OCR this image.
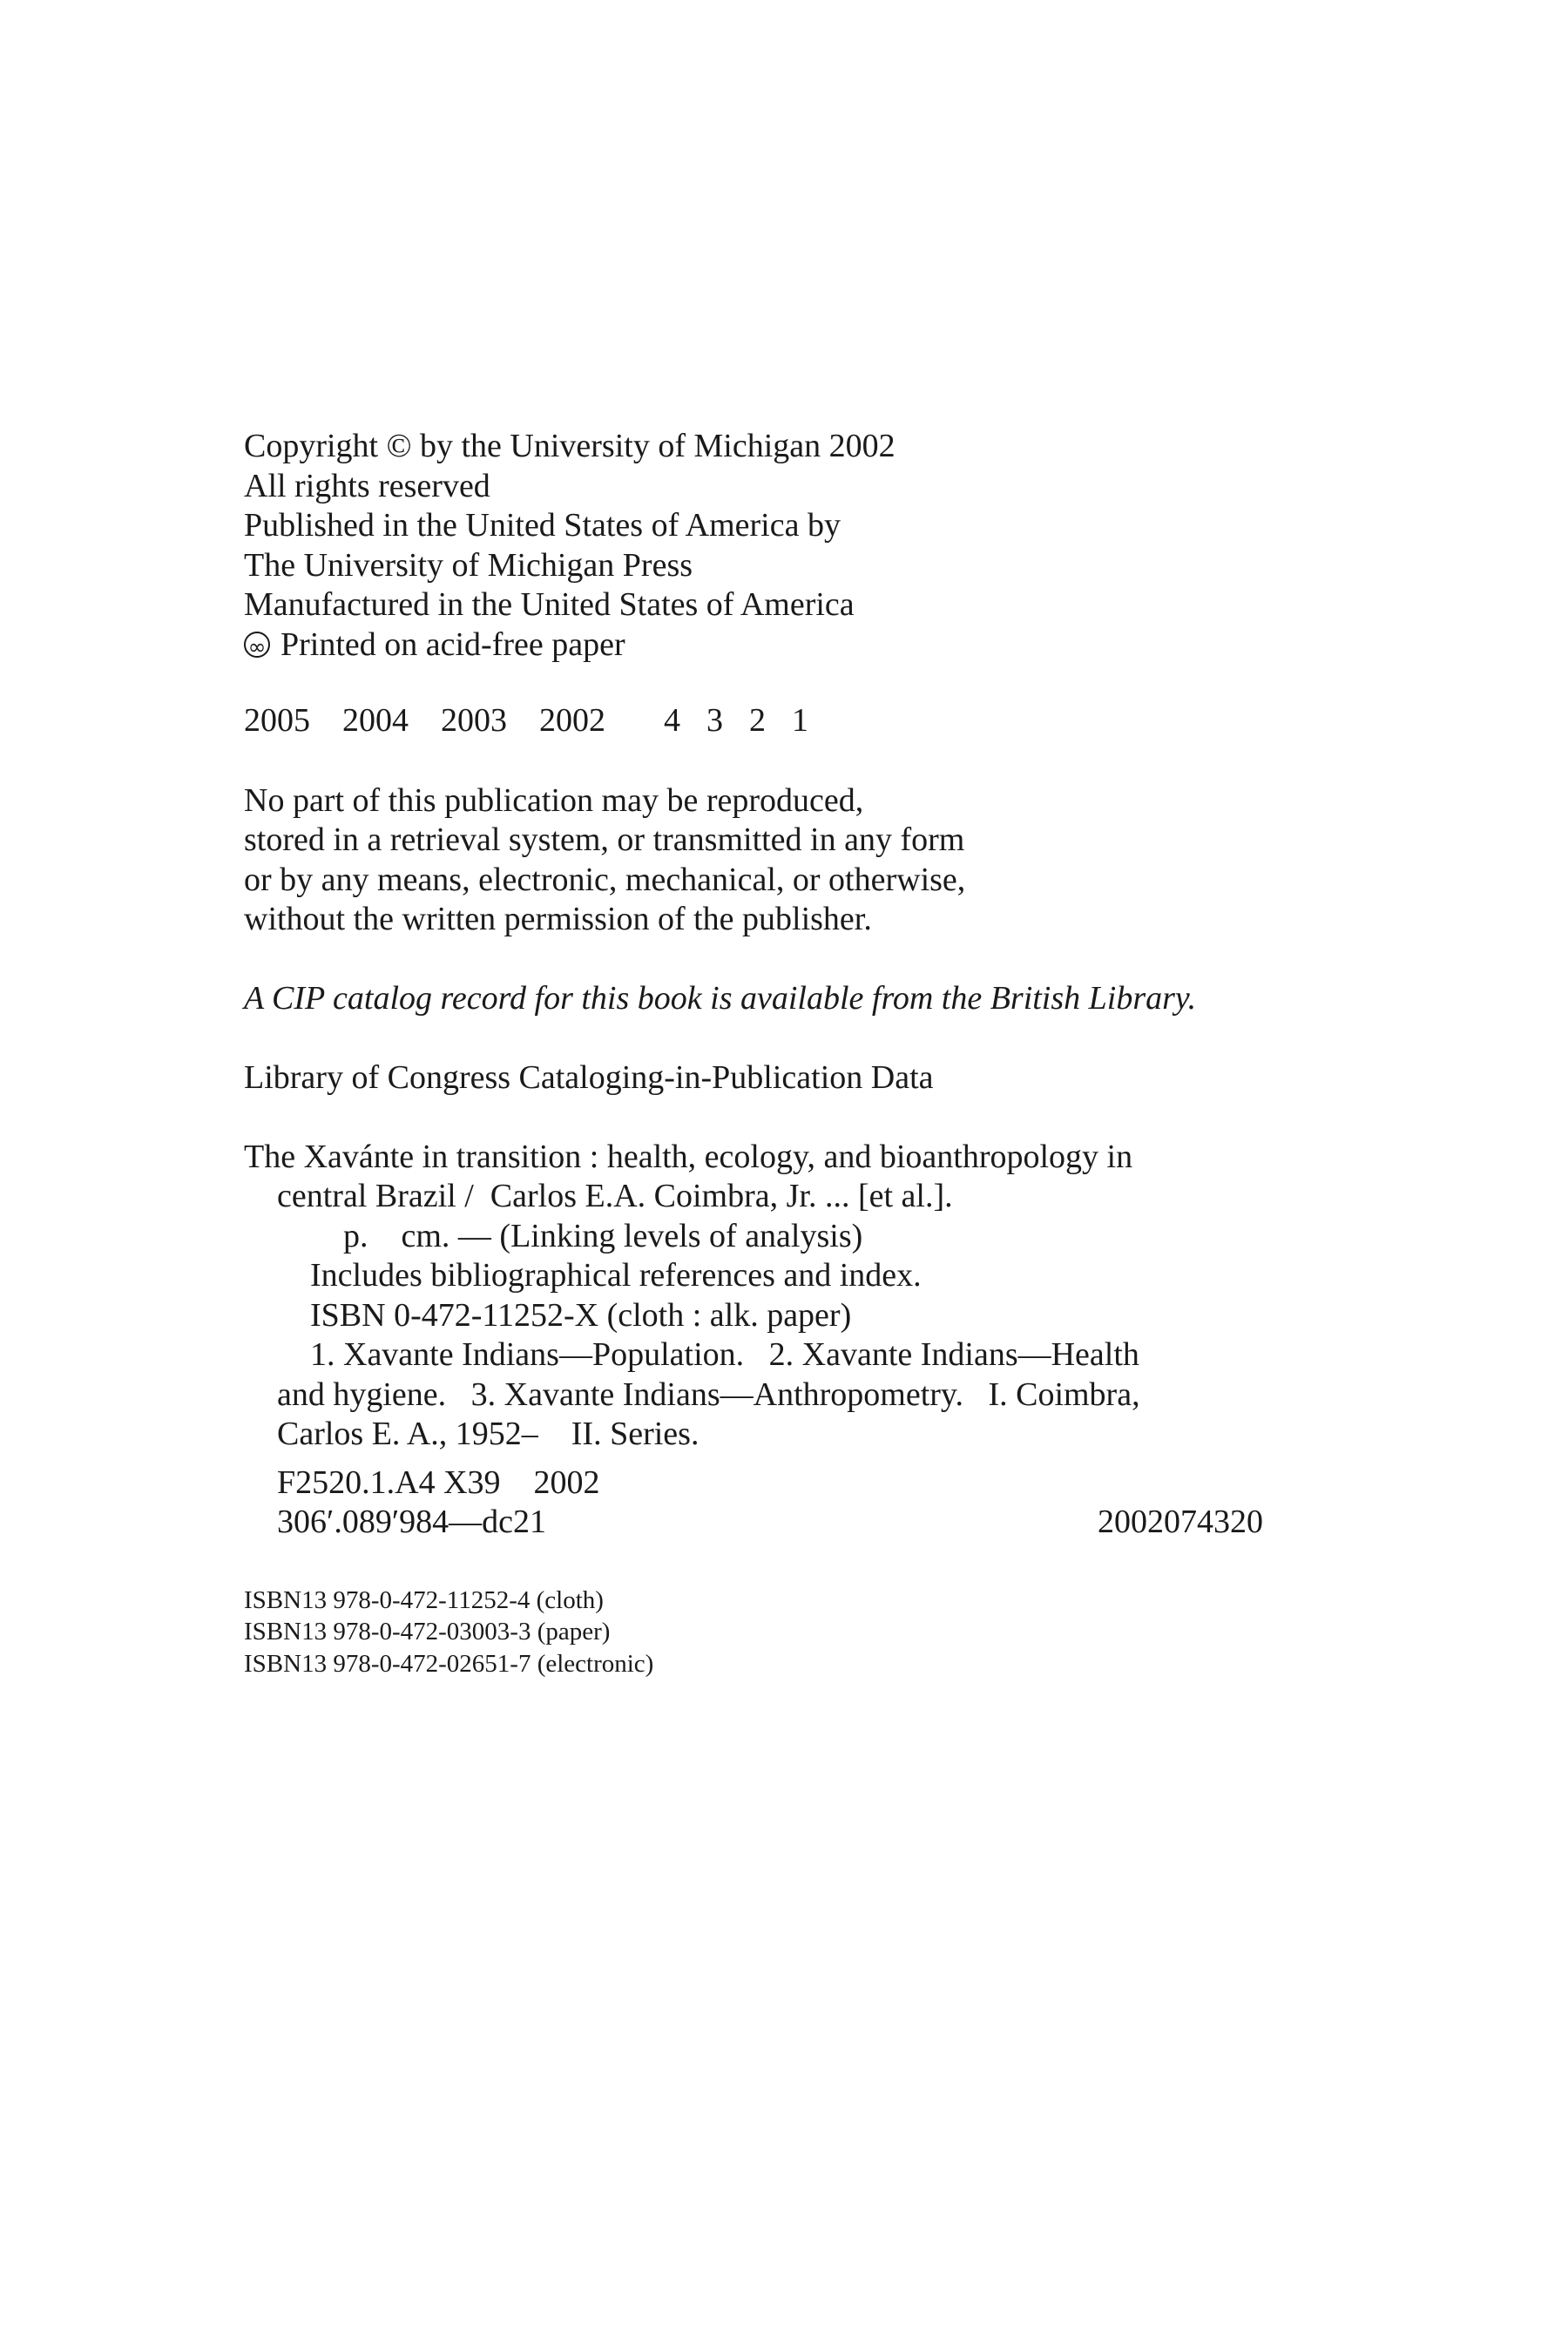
Copyright © by the University of Michigan 2002
All rights reserved
Published in the United States of America by
The University of Michigan Press
Manufactured in the United States of America
∞Printed on acid-free paper
2005 2004 2003 2002	4 3 2 1
No part of this publication may be reproduced,
stored in a retrieval system, or transmitted in any form
or by any means, electronic, mechanical, or otherwise,
without the written permission of the publisher.
A CIP catalog record for this book is available from the British Library.
Library of Congress Cataloging-in-Publication Data
The Xavánte in transition : health, ecology, and bioanthropology in
central Brazil /  Carlos E.A. Coimbra, Jr. ... [et al.].
p.    cm. — (Linking levels of analysis)
Includes bibliographical references and index.
ISBN 0-472-11252-X (cloth : alk. paper)
1. Xavante Indians—Population.   2. Xavante Indians—Health
and hygiene.   3. Xavante Indians—Anthropometry.   I. Coimbra,
Carlos E. A., 1952–    II. Series.
F2520.1.A4 X39    2002
306′.089′984—dc21	2002074320
ISBN13 978-0-472-11252-4 (cloth)
ISBN13 978-0-472-03003-3 (paper)
ISBN13 978-0-472-02651-7 (electronic)
